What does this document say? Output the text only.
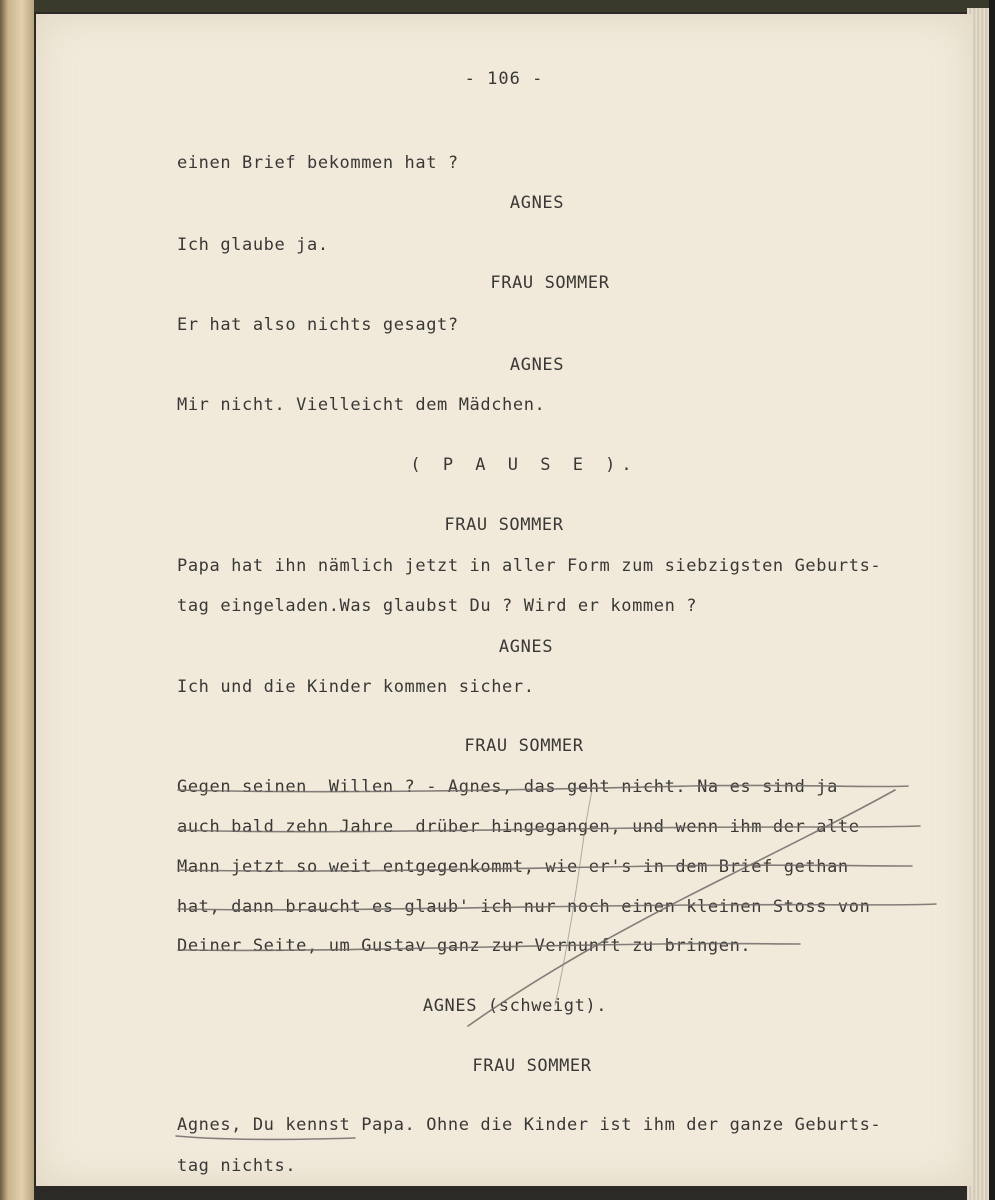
- 106 -

einen Brief bekommen hat ?

AGNES

Ich glaube ja.

FRAU SOMMER

Er hat also nichts gesagt?

AGNES

Mir nicht. Vielleicht dem Mädchen.

( P A U S E ).

FRAU SOMMER

Papa hat ihn nämlich jetzt in aller Form zum siebzigsten Geburts-

tag eingeladen.Was glaubst Du ? Wird er kommen ?

AGNES

Ich und die Kinder kommen sicher.

FRAU SOMMER

Gegen seinen  Willen ? - Agnes, das geht nicht. Na es sind ja

auch bald zehn Jahre  drüber hingegangen, und wenn ihm der alte

Mann jetzt so weit entgegenkommt, wie er's in dem Brief gethan

hat, dann braucht es glaub' ich nur noch einen kleinen Stoss von

Deiner Seite, um Gustav ganz zur Vernunft zu bringen.

AGNES (schweigt).

FRAU SOMMER

Agnes, Du kennst Papa. Ohne die Kinder ist ihm der ganze Geburts-

tag nichts.
